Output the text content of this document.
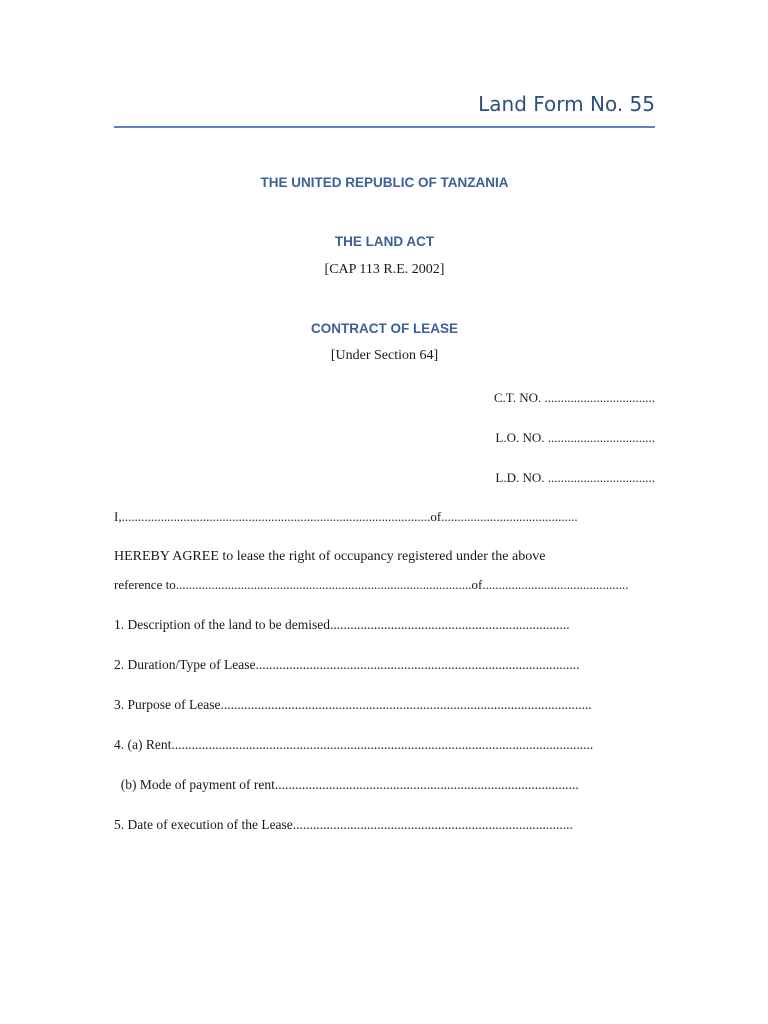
Land Form No. 55

THE UNITED REPUBLIC OF TANZANIA

THE LAND ACT

[CAP 113 R.E. 2002]

CONTRACT OF LEASE

[Under Section 64]

C.T. NO. ..................................

L.O. NO. .................................

L.D. NO. .................................

I,...............................................................................................of..........................................

HEREBY AGREE to lease the right of occupancy registered under the above

reference to...........................................................................................of.............................................

1. Description of the land to be demised.......................................................................

2. Duration/Type of Lease................................................................................................

3. Purpose of Lease..............................................................................................................

4. (a) Rent.............................................................................................................................

(b) Mode of payment of rent..........................................................................................

5. Date of execution of the Lease...................................................................................
